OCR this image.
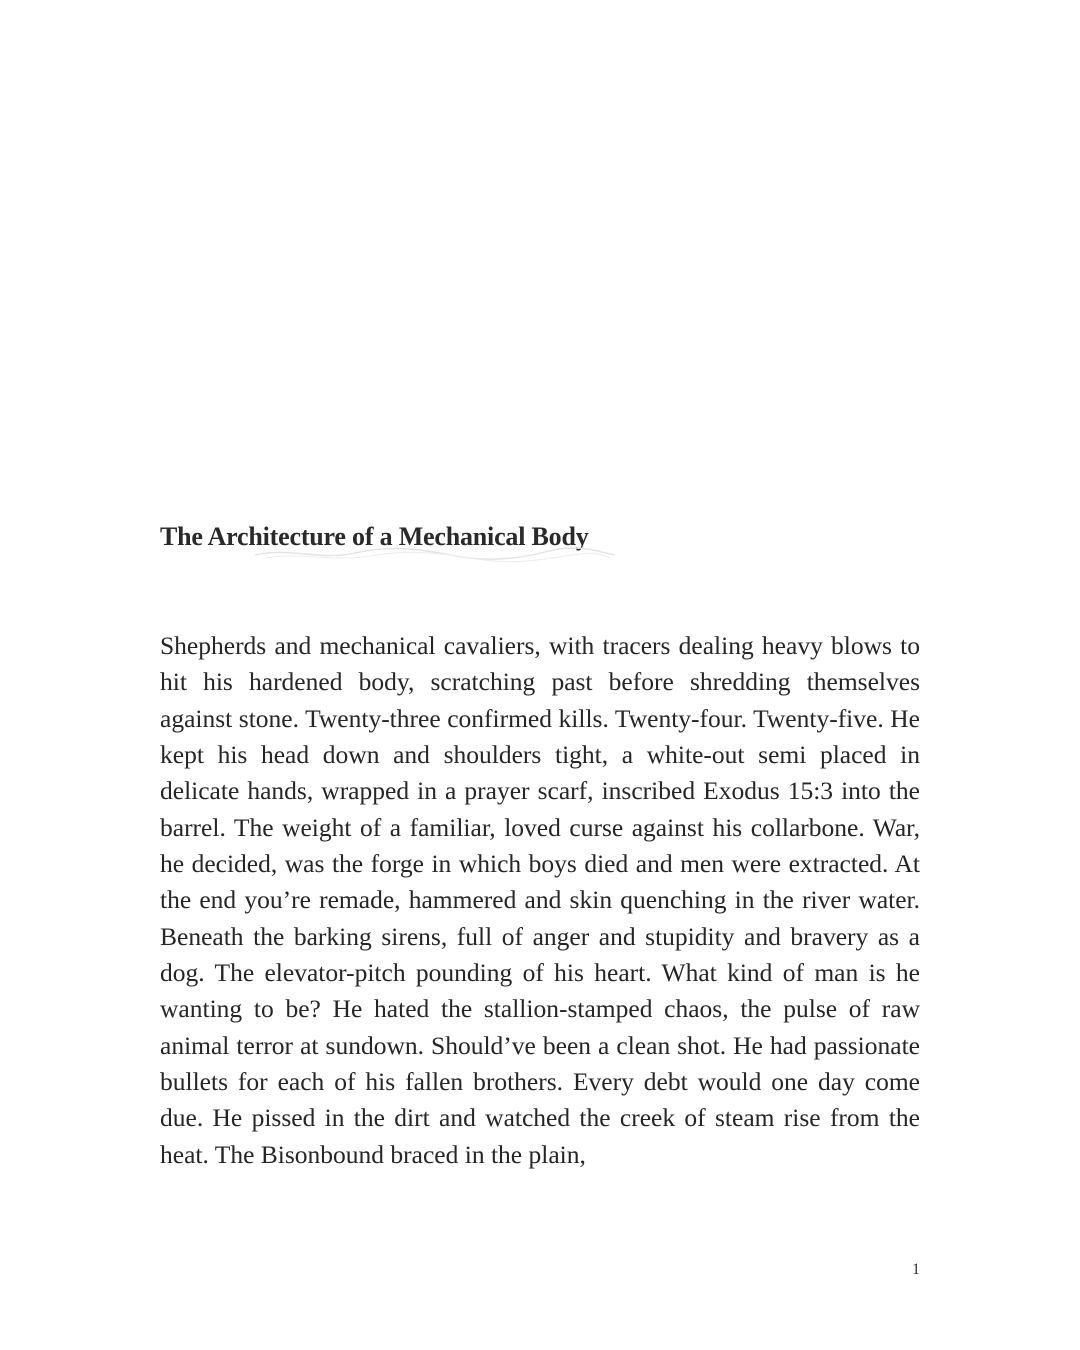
The Architecture of a Mechanical Body

Shepherds and mechanical cavaliers, with tracers dealing heavy blows to hit his hardened body, scratching past before shredding themselves against stone. Twenty-three confirmed kills. Twenty-four. Twenty-five. He kept his head down and shoulders tight, a white-out semi placed in delicate hands, wrapped in a prayer scarf, inscribed Exodus 15:3 into the barrel. The weight of a familiar, loved curse against his collarbone. War, he decided, was the forge in which boys died and men were extracted. At the end you’re remade, hammered and skin quenching in the river water. Beneath the barking sirens, full of anger and stupidity and bravery as a dog. The elevator-pitch pounding of his heart. What kind of man is he wanting to be? He hated the stallion-stamped chaos, the pulse of raw animal terror at sundown. Should’ve been a clean shot. He had passionate bullets for each of his fallen brothers. Every debt would one day come due. He pissed in the dirt and watched the creek of steam rise from the heat. The Bisonbound braced in the plain,

1
